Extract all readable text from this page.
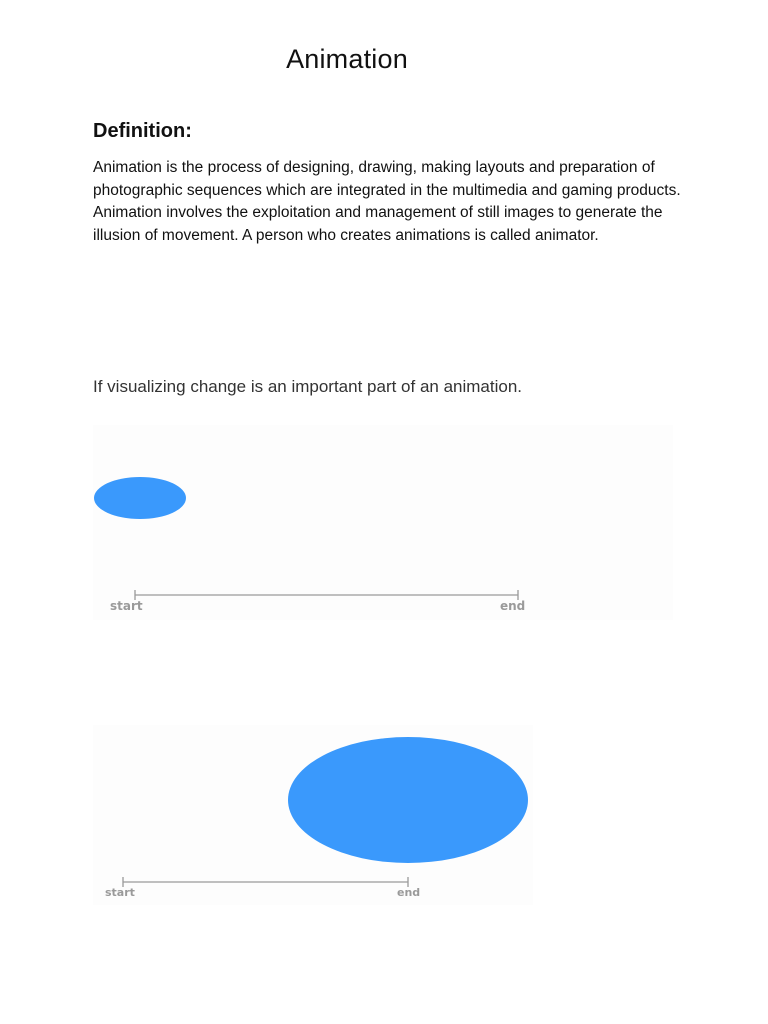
Animation
Definition:

Animation is the process of designing, drawing, making layouts and preparation of photographic sequences which are integrated in the multimedia and gaming products. Animation involves the exploitation and management of still images to generate the illusion of movement. A person who creates animations is called animator.

If visualizing change is an important part of an animation.

start	end
start	end
